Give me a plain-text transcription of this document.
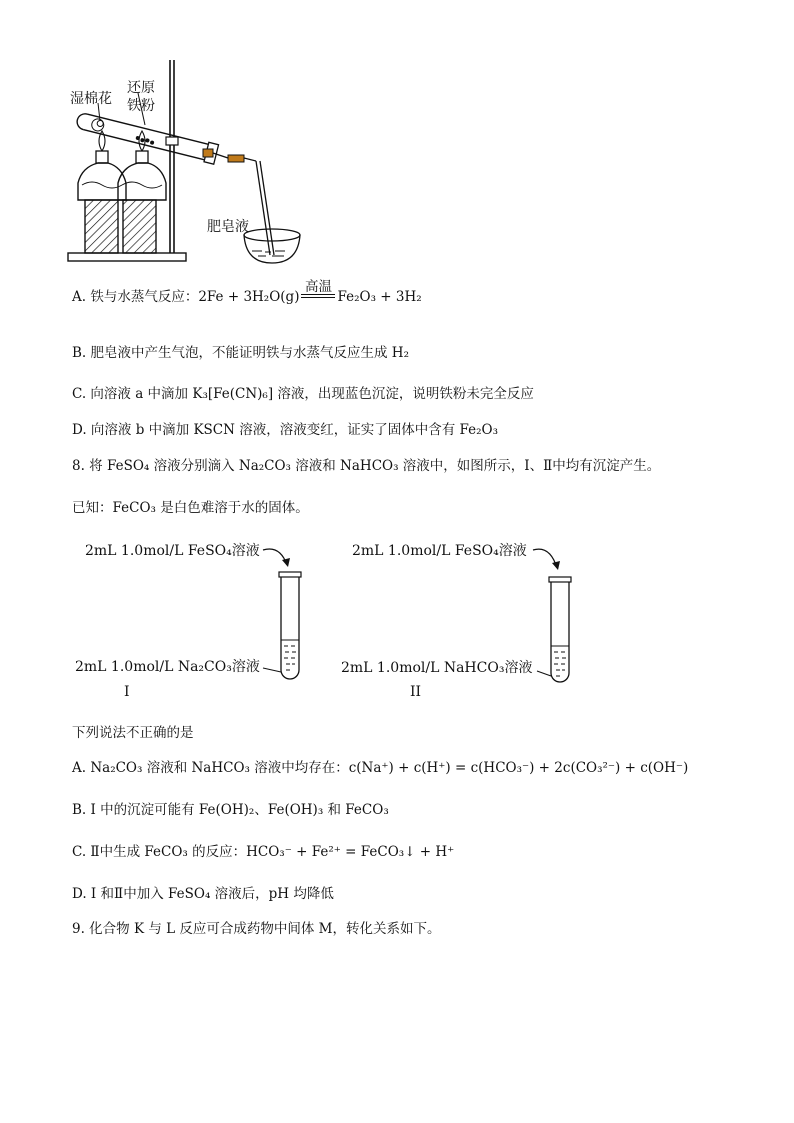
湿棉花
还原
铁粉
肥皂液
A. 铁与水蒸气反应：2Fe + 3H₂O(g)
高温
Fe₂O₃ + 3H₂
B. 肥皂液中产生气泡，不能证明铁与水蒸气反应生成 H₂
C. 向溶液 a 中滴加 K₃[Fe(CN)₆] 溶液，出现蓝色沉淀，说明铁粉未完全反应
D. 向溶液 b 中滴加 KSCN 溶液，溶液变红，证实了固体中含有 Fe₂O₃
8. 将 FeSO₄ 溶液分别滴入 Na₂CO₃ 溶液和 NaHCO₃ 溶液中，如图所示，Ⅰ、Ⅱ中均有沉淀产生。
已知：FeCO₃ 是白色难溶于水的固体。
2mL 1.0mol/L FeSO₄溶液
2mL 1.0mol/L Na₂CO₃溶液
I
2mL 1.0mol/L FeSO₄溶液
2mL 1.0mol/L NaHCO₃溶液
II
下列说法不正确的是
A. Na₂CO₃ 溶液和 NaHCO₃ 溶液中均存在：c(Na⁺) + c(H⁺) = c(HCO₃⁻) + 2c(CO₃²⁻) + c(OH⁻)
B. I 中的沉淀可能有 Fe(OH)₂、Fe(OH)₃ 和 FeCO₃
C. Ⅱ中生成 FeCO₃ 的反应：HCO₃⁻ + Fe²⁺ = FeCO₃↓ + H⁺
D. I 和Ⅱ中加入 FeSO₄ 溶液后，pH 均降低
9. 化合物 K 与 L 反应可合成药物中间体 M，转化关系如下。
